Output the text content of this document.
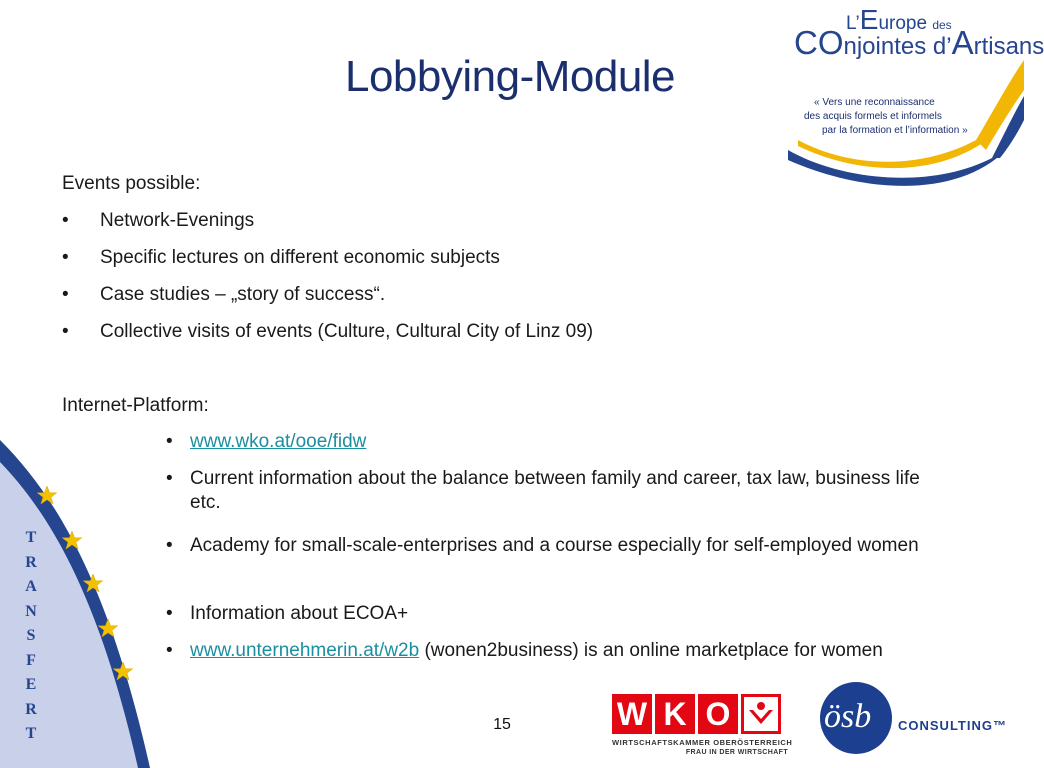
Lobbying-Module
L’Europe des
COnjointes d’Artisans
« Vers une reconnaissance
des acquis formels et informels
par la formation et l’information »
Events possible:
• Network-Evenings
• Specific lectures on different economic subjects
• Case studies – „story of success“.
• Collective visits of events (Culture, Cultural City of Linz 09)
Internet-Platform:
• www.wko.at/ooe/fidw
• Current information about the balance between family and career, tax law, business life etc.
• Academy for small-scale-enterprises and a course especially for self-employed women
• Information about ECOA+
• www.unternehmerin.at/w2b (wonen2business) is an online marketplace for women
T
R
A
N
S
F
E
R
T
15	W K O
WIRTSCHAFTSKAMMER OBERÖSTERREICH
FRAU IN DER WIRTSCHAFT
ösb CONSULTING™
